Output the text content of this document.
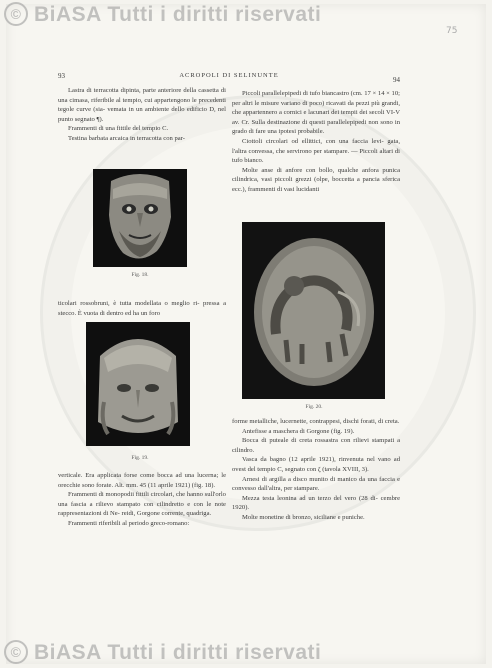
© BiASA Tutti i diritti riservati
75
93	ACROPOLI DI SELINUNTE
94

Lastra di terracotta dipinta, parte anteriore della cassetta di una cimasa, riferibile al tempio, cui appartengono le precedenti tegole curve (sia- vemata in un ambiente dello edificio D, nel punto segnato ¶).

Frammenti di una fittile del tempio C.

Testina barbata arcaica in terracotta con par-

Fig. 18.

ticolari rossobruni, è tutta modellata o meglio ri- pressa a stecco. È vuota di dentro ed ha un foro

Fig. 19.

verticale. Era applicata forse come bocca ad una lucerna; le orecchie sono forate. Alt. mm. 45 (11 aprile 1921) (fig. 18).

Frammenti di monopodii fittili circolari, che hanno sull'orlo una fascia a rilievo stampato con cilindretto e con le note rappresentazioni di Ne- reidi, Gorgone corrente, quadriga.

Frammenti riferibili al periodo greco-romano:

Piccoli parallelepipedi di tufo biancastro (cm. 17 × 14 × 10; per altri le misure variano di poco) ricavati da pezzi più grandi, che appartennero a cornici e lacunari dei tempii dei secoli VI-V av. Cr. Sulla destinazione di questi parallelepipedi non sono in grado di fare una ipotesi probabile.

Ciottoli circolari od ellittici, con una faccia levi- gata, l'altra convessa, che servirono per stampare. — Piccoli altari di tufo bianco.

Molte anse di anfore con bollo, qualche anfora punica cilindrica, vasi piccoli grezzi (olpe, boccetta a pancia sferica ecc.), frammenti di vasi lucidanti

Fig. 20.

forme metalliche, lucernette, contrappesi, dischi forati, di creta.

Antefisse a maschera di Gorgone (fig. 19).

Bocca di puteale di creta rossastra con rilievi stampati a cilindro.

Vasca da bagno (12 aprile 1921), rinvenuta nel vano ad ovest del tempio C, segnato con ζ (tavola XVIII, 3).

Arnesi di argilla a disco munito di manico da una faccia e convesso dall'altra, per stampare.

Mezza testa leonina ad un terzo del vero (28 di- cembre 1920).

Molte monetine di bronzo, siciliane e puniche.

© BiASA Tutti i diritti riservati
